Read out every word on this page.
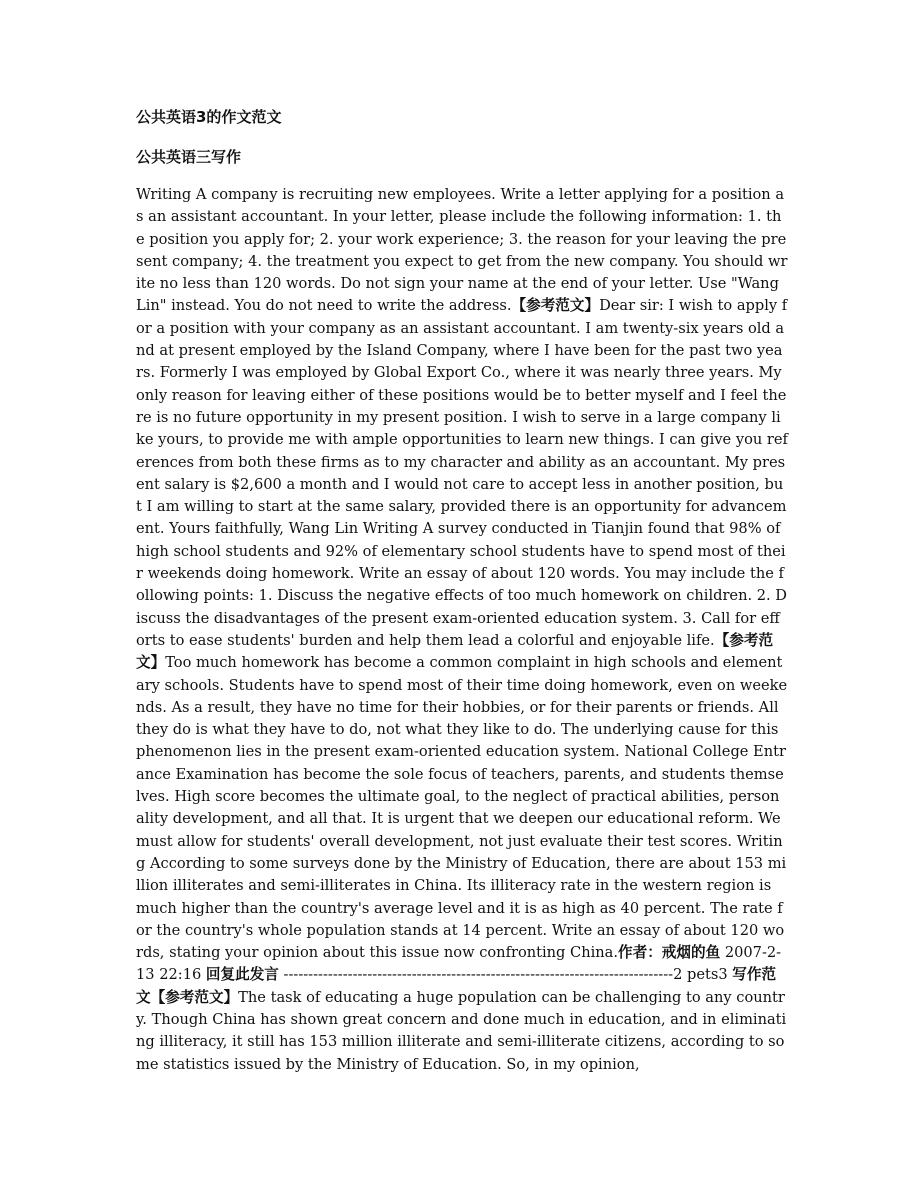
公共英语3的作文范文
公共英语三写作

Writing A company is recruiting new employees. Write a letter applying for a position as an assistant accountant. In your letter, please include the following information: 1. the position you apply for; 2. your work experience; 3. the reason for your leaving the present company; 4. the treatment you expect to get from the new company. You should write no less than 120 words. Do not sign your name at the end of your letter. Use "Wang Lin" instead. You do not need to write the address.【参考范文】Dear sir: I wish to apply for a position with your company as an assistant accountant. I am twenty-six years old and at present employed by the Island Company, where I have been for the past two years. Formerly I was employed by Global Export Co., where it was nearly three years. My only reason for leaving either of these positions would be to better myself and I feel there is no future opportunity in my present position. I wish to serve in a large company like yours, to provide me with ample opportunities to learn new things. I can give you references from both these firms as to my character and ability as an accountant. My present salary is $2,600 a month and I would not care to accept less in another position, but I am willing to start at the same salary, provided there is an opportunity for advancement. Yours faithfully, Wang Lin Writing A survey conducted in Tianjin found that 98% of high school students and 92% of elementary school students have to spend most of their weekends doing homework. Write an essay of about 120 words. You may include the following points: 1. Discuss the negative effects of too much homework on children. 2. Discuss the disadvantages of the present exam-oriented education system. 3. Call for efforts to ease students' burden and help them lead a colorful and enjoyable life.【参考范文】Too much homework has become a common complaint in high schools and elementary schools. Students have to spend most of their time doing homework, even on weekends. As a result, they have no time for their hobbies, or for their parents or friends. All they do is what they have to do, not what they like to do. The underlying cause for this phenomenon lies in the present exam-oriented education system. National College Entrance Examination has become the sole focus of teachers, parents, and students themselves. High score becomes the ultimate goal, to the neglect of practical abilities, personality development, and all that. It is urgent that we deepen our educational reform. We must allow for students' overall development, not just evaluate their test scores. Writing According to some surveys done by the Ministry of Education, there are about 153 million illiterates and semi-illiterates in China. Its illiteracy rate in the western region is much higher than the country's average level and it is as high as 40 percent. The rate for the country's whole population stands at 14 percent. Write an essay of about 120 words, stating your opinion about this issue now confronting China.作者：戒烟的鱼 2007-2-13 22:16 回复此发言 -------------------------------------------------------------------------------2 pets3 写作范文【参考范文】The task of educating a huge population can be challenging to any country. Though China has shown great concern and done much in education, and in eliminating illiteracy, it still has 153 million illiterate and semi-illiterate citizens, according to some statistics issued by the Ministry of Education. So, in my opinion,
